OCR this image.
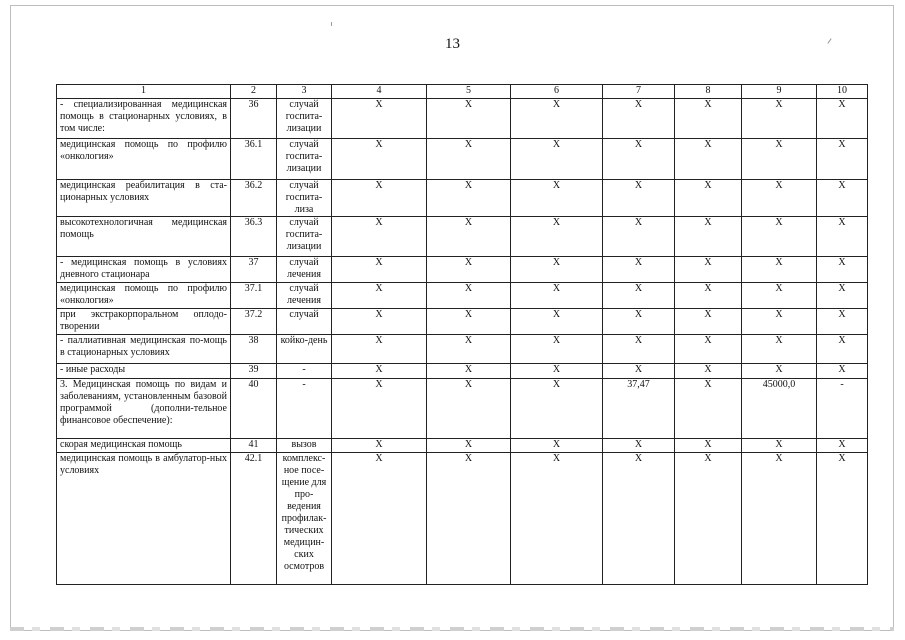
13
1	2	3	4	5	6	7	8	9	10
- специализированная медицинская помощь в стационарных условиях, в том числе:	36	случай госпита-лизации	Х	Х	Х	Х	Х	Х	Х
медицинская помощь по профилю «онкология»	36.1	случай госпита-лизации	Х	Х	Х	Х	Х	Х	Х
медицинская реабилитация в ста-ционарных условиях	36.2	случай госпита-лиза	Х	Х	Х	Х	Х	Х	Х
высокотехнологичная медицинская помощь	36.3	случай госпита-лизации	Х	Х	Х	Х	Х	Х	Х
- медицинская помощь в условиях дневного стационара	37	случай лечения	Х	Х	Х	Х	Х	Х	Х
медицинская помощь по профилю «онкология»	37.1	случай лечения	Х	Х	Х	Х	Х	Х	Х
при экстракорпоральном оплодо-творении	37.2	случай	Х	Х	Х	Х	Х	Х	Х
- паллиативная медицинская по-мощь в стационарных условиях	38	койко-день	Х	Х	Х	Х	Х	Х	Х
- иные расходы	39	-	Х	Х	Х	Х	Х	Х	Х
3. Медицинская помощь по видам и заболеваниям, установленным базовой программой (дополни-тельное финансовое обеспечение):	40	-	Х	Х	Х	37,47	Х	45000,0	-
скорая медицинская помощь	41	вызов	Х	Х	Х	Х	Х	Х	Х
медицинская помощь в амбулатор-ных условиях	42.1	комплекс-ное посе-щение для про-ведения профилак-тических медицин-ских осмотров	Х	Х	Х	Х	Х	Х	Х
